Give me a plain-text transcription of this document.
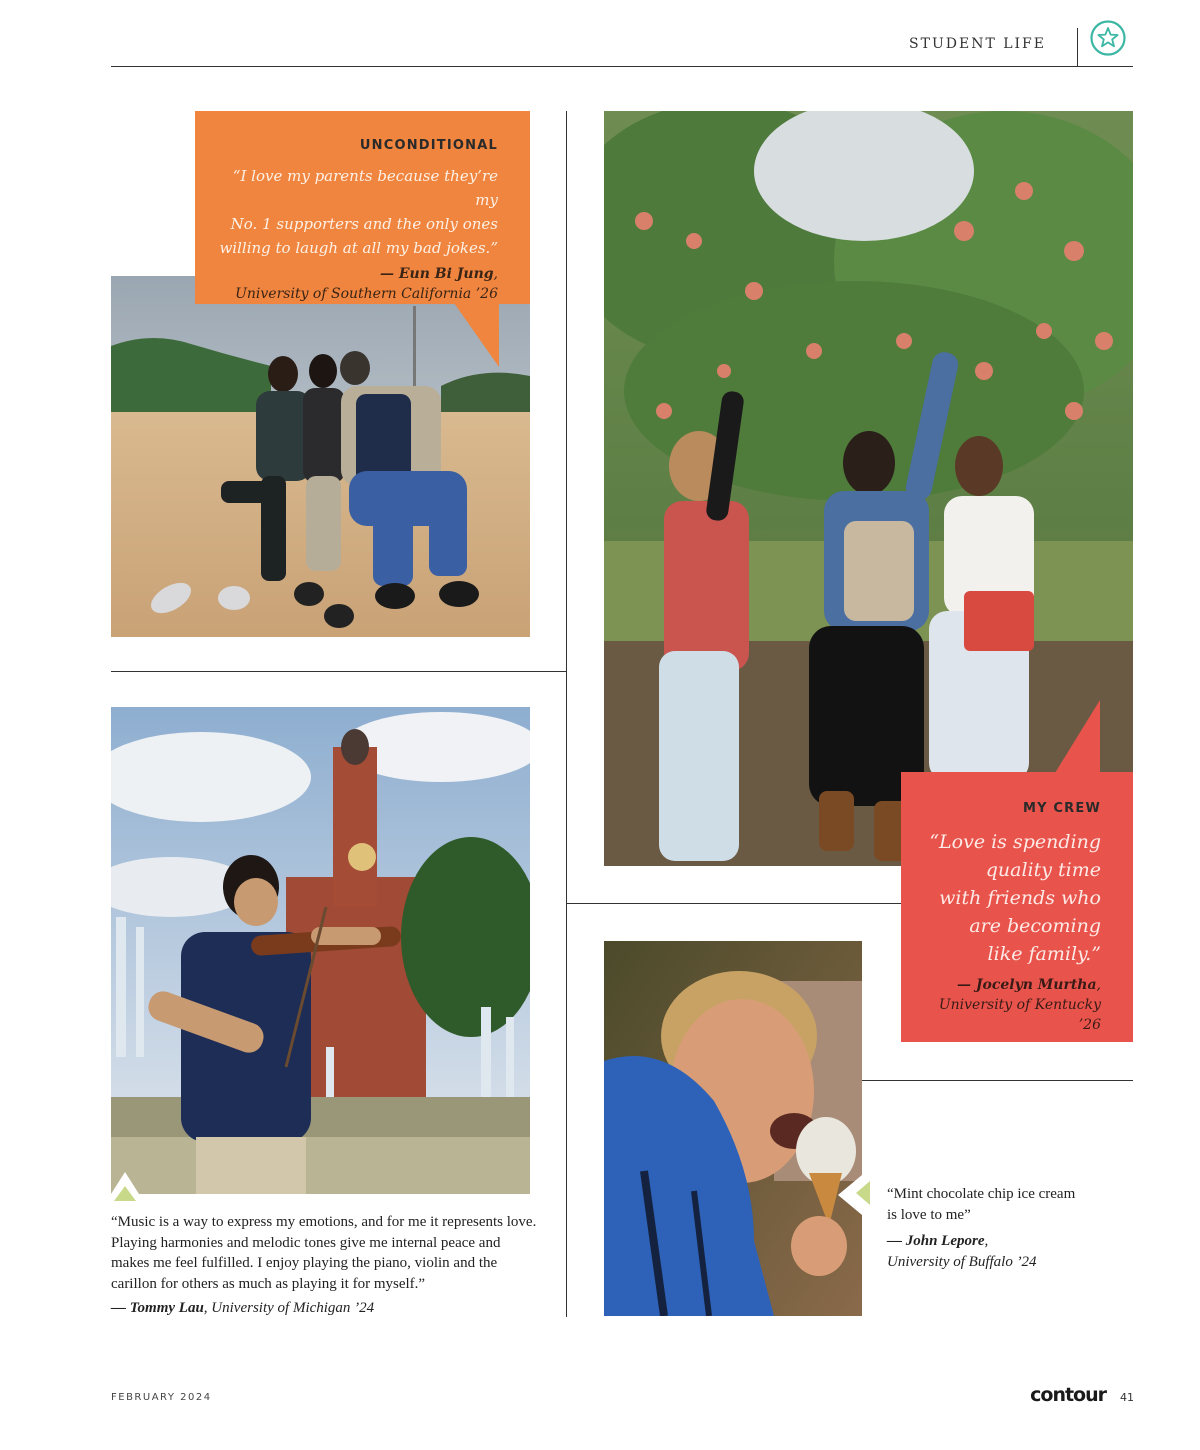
STUDENT LIFE
UNCONDITIONAL
“I love my parents because they’re my
No. 1 supporters and the only ones
willing to laugh at all my bad jokes.”
— Eun Bi Jung,
University of Southern California ’26
MY CREW
“Love is spending
quality time
with friends who
are becoming
like family.”
— Jocelyn Murtha,
University of Kentucky ’26
“Music is a way to express my emotions, and for me it represents love. Playing harmonies and melodic tones give me internal peace and makes me feel fulfilled. I enjoy playing the piano, violin and the carillon for others as much as playing it for myself.”
— Tommy Lau, University of Michigan ’24
“Mint chocolate chip ice cream is love to me”
— John Lepore,
University of Buffalo ’24
FEBRUARY 2024	contour	41
